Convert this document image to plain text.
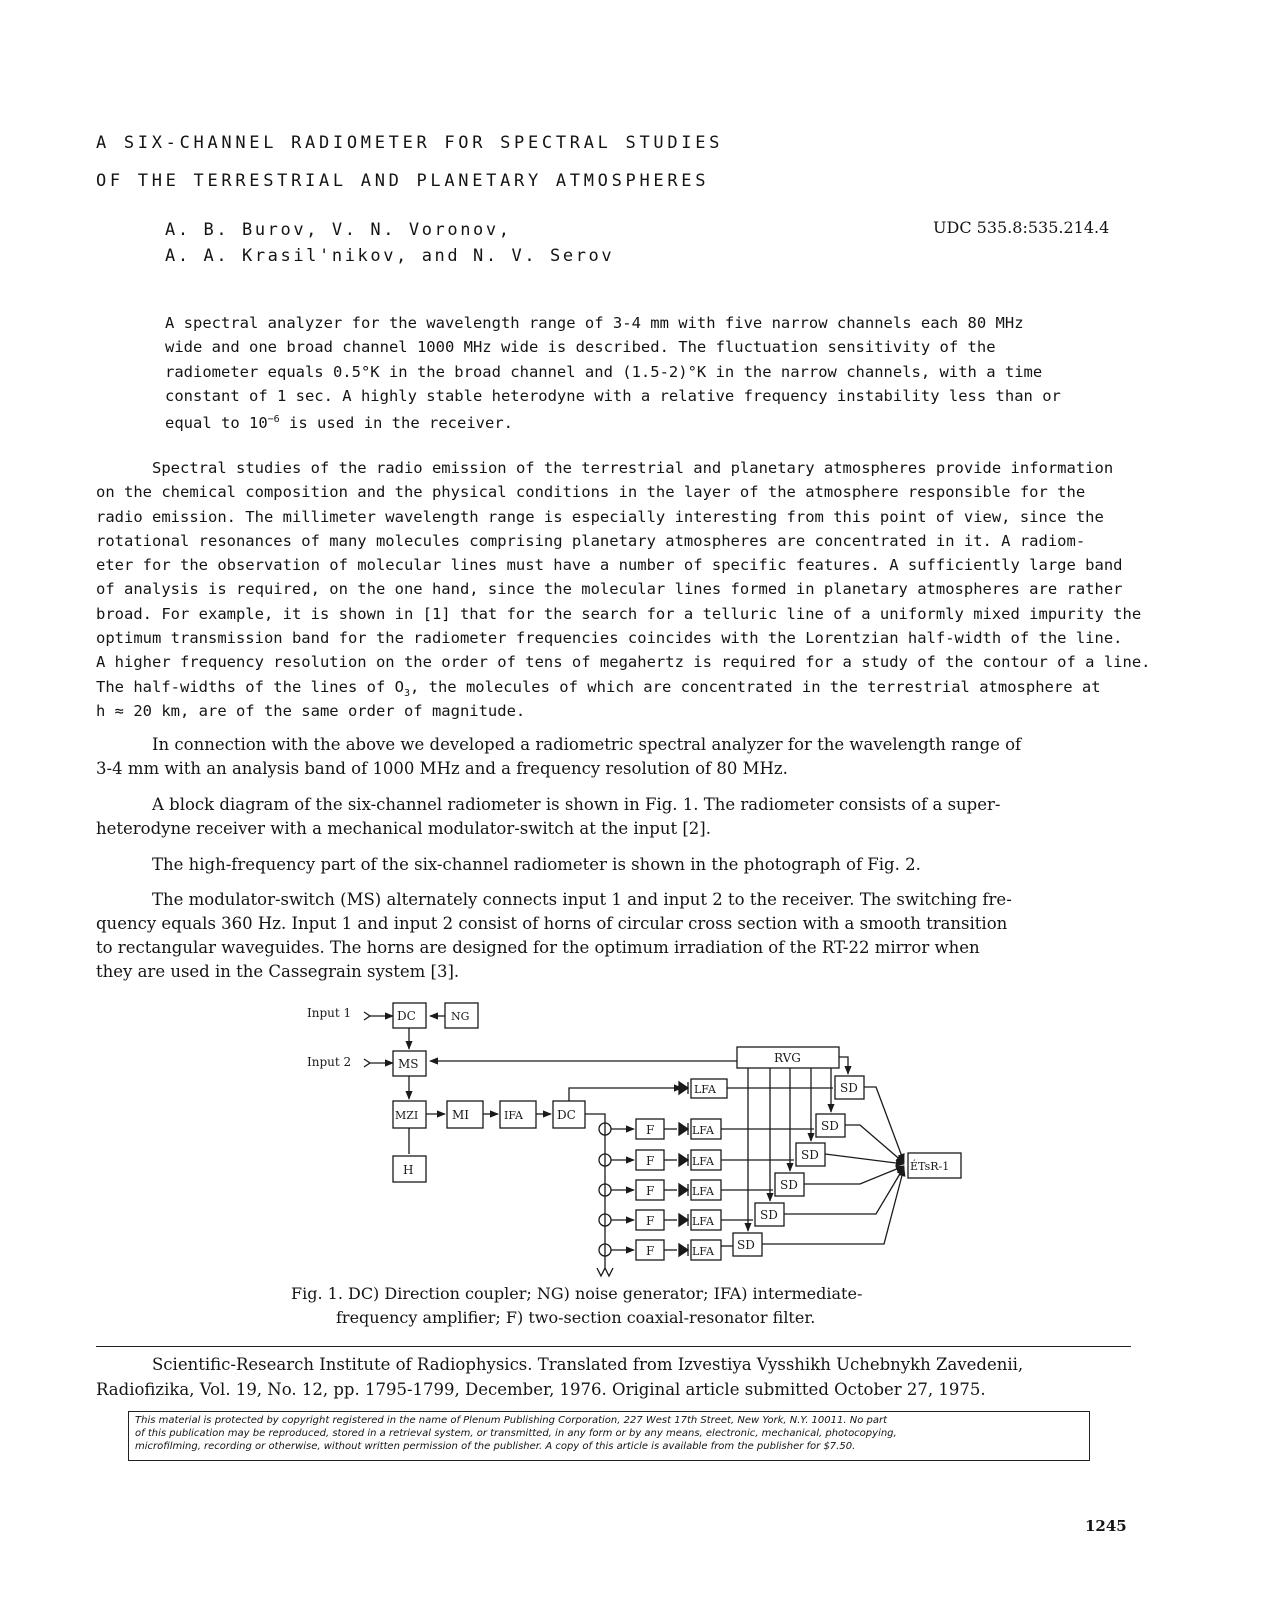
A SIX-CHANNEL RADIOMETER FOR SPECTRAL STUDIES
OF THE TERRESTRIAL AND PLANETARY ATMOSPHERES
A. B. Burov, V. N. Voronov,
A. A. Krasil'nikov, and N. V. Serov
UDC 535.8:535.214.4
A spectral analyzer for the wavelength range of 3-4 mm with five narrow channels each 80 MHz
wide and one broad channel 1000 MHz wide is described. The fluctuation sensitivity of the
radiometer equals 0.5°K in the broad channel and (1.5-2)°K in the narrow channels, with a time
constant of 1 sec. A highly stable heterodyne with a relative frequency instability less than or
equal to $10^{-6}$ is used in the receiver.
Spectral studies of the radio emission of the terrestrial and planetary atmospheres provide information
on the chemical composition and the physical conditions in the layer of the atmosphere responsible for the
radio emission. The millimeter wavelength range is especially interesting from this point of view, since the
rotational resonances of many molecules comprising planetary atmospheres are concentrated in it. A radiom-
eter for the observation of molecular lines must have a number of specific features. A sufficiently large band
of analysis is required, on the one hand, since the molecular lines formed in planetary atmospheres are rather
broad. For example, it is shown in [1] that for the search for a telluric line of a uniformly mixed impurity the
optimum transmission band for the radiometer frequencies coincides with the Lorentzian half-width of the line.
A higher frequency resolution on the order of tens of megahertz is required for a study of the contour of a line.
The half-widths of the lines of $O_3$, the molecules of which are concentrated in the terrestrial atmosphere at
h ≈ 20 km, are of the same order of magnitude.
In connection with the above we developed a radiometric spectral analyzer for the wavelength range of
3-4 mm with an analysis band of 1000 MHz and a frequency resolution of 80 MHz.
A block diagram of the six-channel radiometer is shown in Fig. 1. The radiometer consists of a super-
heterodyne receiver with a mechanical modulator-switch at the input [2].
The high-frequency part of the six-channel radiometer is shown in the photograph of Fig. 2.
The modulator-switch (MS) alternately connects input 1 and input 2 to the receiver. The switching fre-
quency equals 360 Hz. Input 1 and input 2 consist of horns of circular cross section with a smooth transition
to rectangular waveguides. The horns are designed for the optimum irradiation of the RT-22 mirror when
they are used in the Cassegrain system [3].
Input 1
Input 2
DC	NG
MS	RVG
MZI	MI	IFA	DC
H
LFA
LFA
LFA
LFA
LFA
LFA
F
F
F
F
F
SD
SD
SD
SD
SD
SD
ÉTsR-1
Fig. 1. DC) Direction coupler; NG) noise generator; IFA) intermediate-
frequency amplifier; F) two-section coaxial-resonator filter.
Scientific-Research Institute of Radiophysics. Translated from Izvestiya Vysshikh Uchebnykh Zavedenii,
Radiofizika, Vol. 19, No. 12, pp. 1795-1799, December, 1976. Original article submitted October 27, 1975.
This material is protected by copyright registered in the name of Plenum Publishing Corporation, 227 West 17th Street, New York, N.Y. 10011. No part
of this publication may be reproduced, stored in a retrieval system, or transmitted, in any form or by any means, electronic, mechanical, photocopying,
microfilming, recording or otherwise, without written permission of the publisher. A copy of this article is available from the publisher for $7.50.
1245
